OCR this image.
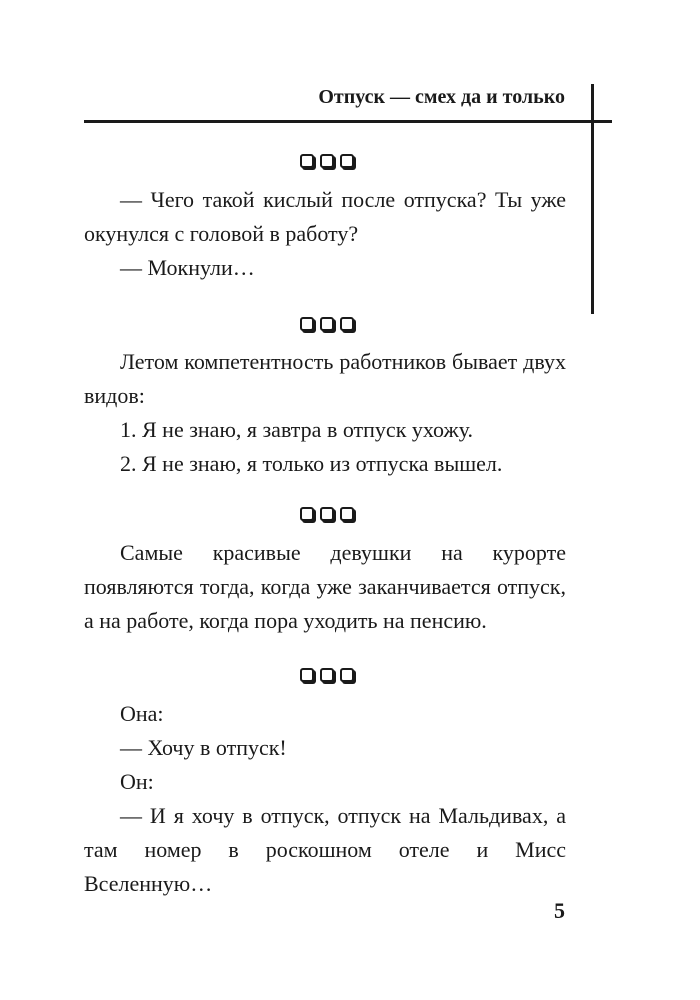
Отпуск — смех да и только

— Чего такой кислый после отпуска? Ты уже окунулся с головой в работу?

— Мокнули…

Летом компетентность работников бывает двух видов:

1. Я не знаю, я завтра в отпуск ухожу.

2. Я не знаю, я только из отпуска вышел.

Самые красивые девушки на курорте появляются тогда, когда уже заканчивается отпуск, а на работе, когда пора уходить на пенсию.

Она:

— Хочу в отпуск!

Он:

— И я хочу в отпуск, отпуск на Мальдивах, а там номер в роскошном отеле и Мисс Вселенную…

5
